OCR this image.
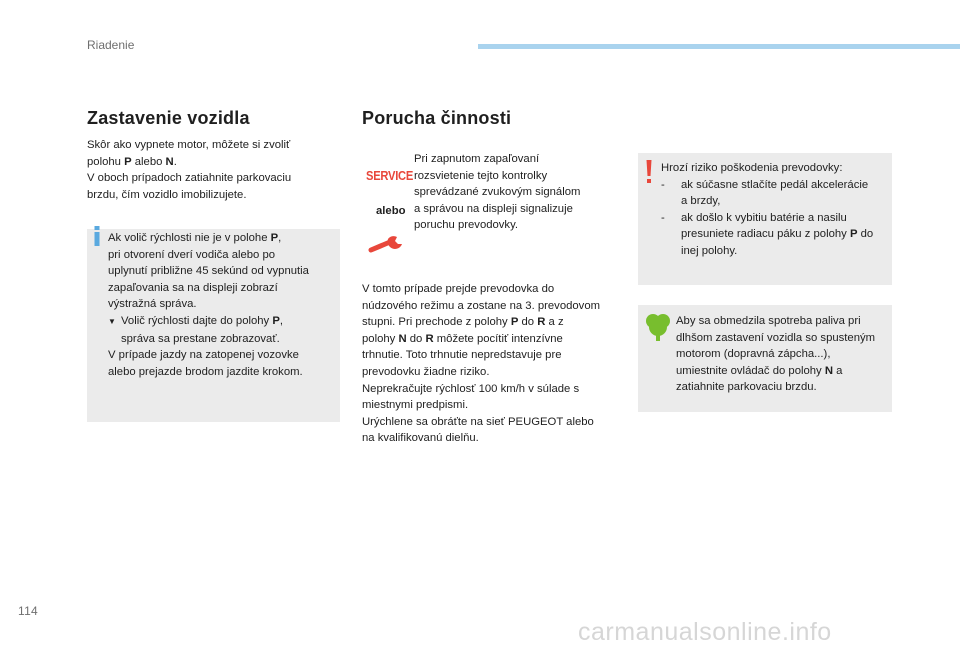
Riadenie
114
carmanualsonline.info
Zastavenie vozidla
Skôr ako vypnete motor, môžete si zvoliť
polohu P alebo N.
V oboch prípadoch zatiahnite parkovaciu
brzdu, čím vozidlo imobilizujete.
Ak volič rýchlosti nie je v polohe P,
pri otvorení dverí vodiča alebo po
uplynutí približne 45 sekúnd od vypnutia
zapaľovania sa na displeji zobrazí
výstražná správa.
▼ Volič rýchlosti dajte do polohy P,
správa sa prestane zobrazovať.
V prípade jazdy na zatopenej vozovke
alebo prejazde brodom jazdite krokom.
Porucha činnosti
SERVICE
alebo
Pri zapnutom zapaľovaní
rozsvietenie tejto kontrolky
sprevádzané zvukovým signálom
a správou na displeji signalizuje
poruchu prevodovky.
V tomto prípade prejde prevodovka do
núdzového režimu a zostane na 3. prevodovom
stupni. Pri prechode z polohy P do R a z
polohy N do R môžete pocítiť intenzívne
trhnutie. Toto trhnutie nepredstavuje pre
prevodovku žiadne riziko.
Neprekračujte rýchlosť 100 km/h v súlade s
miestnymi predpismi.
Urýchlene sa obráťte na sieť PEUGEOT alebo
na kvalifikovanú dielňu.
Hrozí riziko poškodenia prevodovky:
- ak súčasne stlačíte pedál akcelerácie
a brzdy,
- ak došlo k vybitiu batérie a nasilu
presuniete radiacu páku z polohy P do
inej polohy.
Aby sa obmedzila spotreba paliva pri
dlhšom zastavení vozidla so spusteným
motorom (dopravná zápcha...),
umiestnite ovládač do polohy N a
zatiahnite parkovaciu brzdu.
